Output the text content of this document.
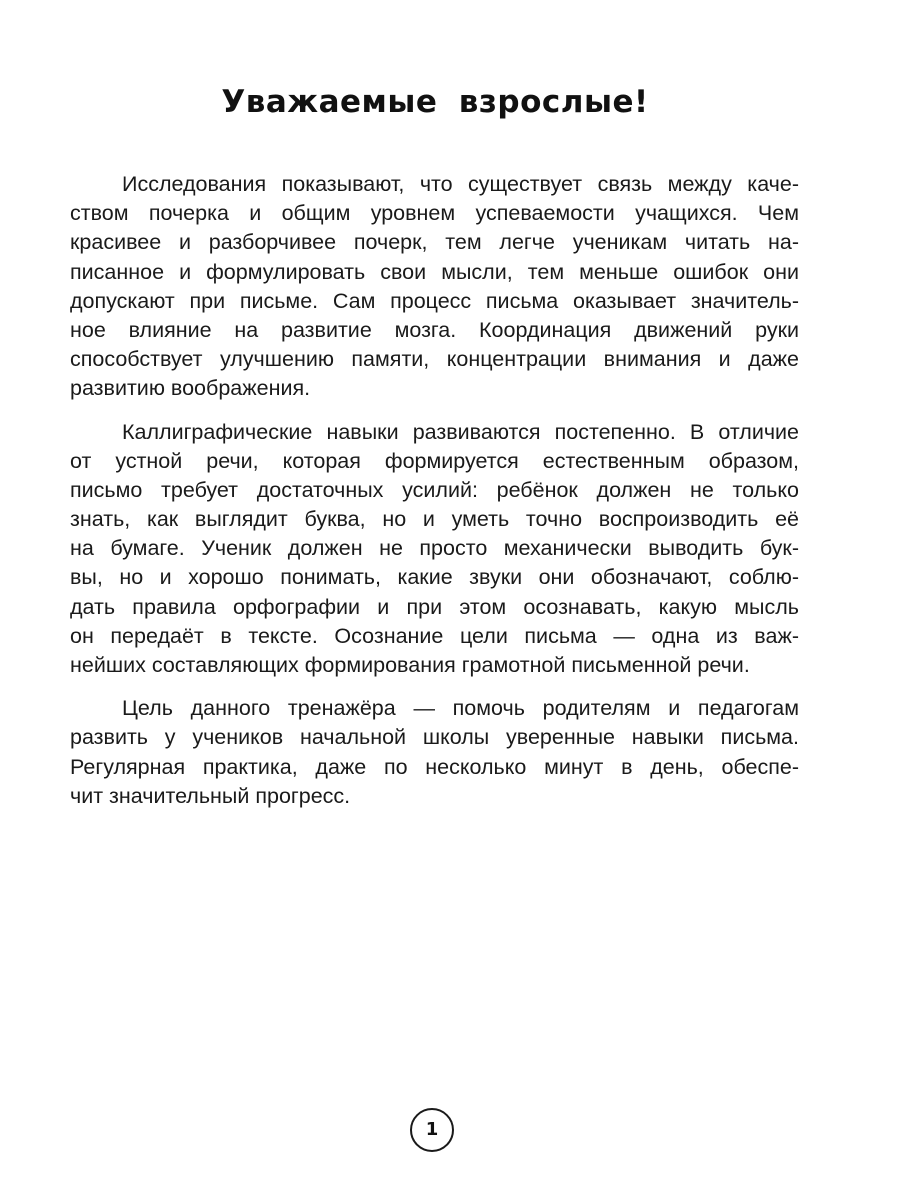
Уважаемые взрослые!
Исследования показывают, что существует связь между каче-
ством почерка и общим уровнем успеваемости учащихся. Чем
красивее и разборчивее почерк, тем легче ученикам читать на-
писанное и формулировать свои мысли, тем меньше ошибок они
допускают при письме. Сам процесс письма оказывает значитель-
ное влияние на развитие мозга. Координация движений руки
способствует улучшению памяти, концентрации внимания и даже
развитию воображения.
Каллиграфические навыки развиваются постепенно. В отличие
от устной речи, которая формируется естественным образом,
письмо требует достаточных усилий: ребёнок должен не только
знать, как выглядит буква, но и уметь точно воспроизводить её
на бумаге. Ученик должен не просто механически выводить бук-
вы, но и хорошо понимать, какие звуки они обозначают, соблю-
дать правила орфографии и при этом осознавать, какую мысль
он передаёт в тексте. Осознание цели письма — одна из важ-
нейших составляющих формирования грамотной письменной речи.
Цель данного тренажёра — помочь родителям и педагогам
развить у учеников начальной школы уверенные навыки письма.
Регулярная практика, даже по несколько минут в день, обеспе-
чит значительный прогресс.
1
